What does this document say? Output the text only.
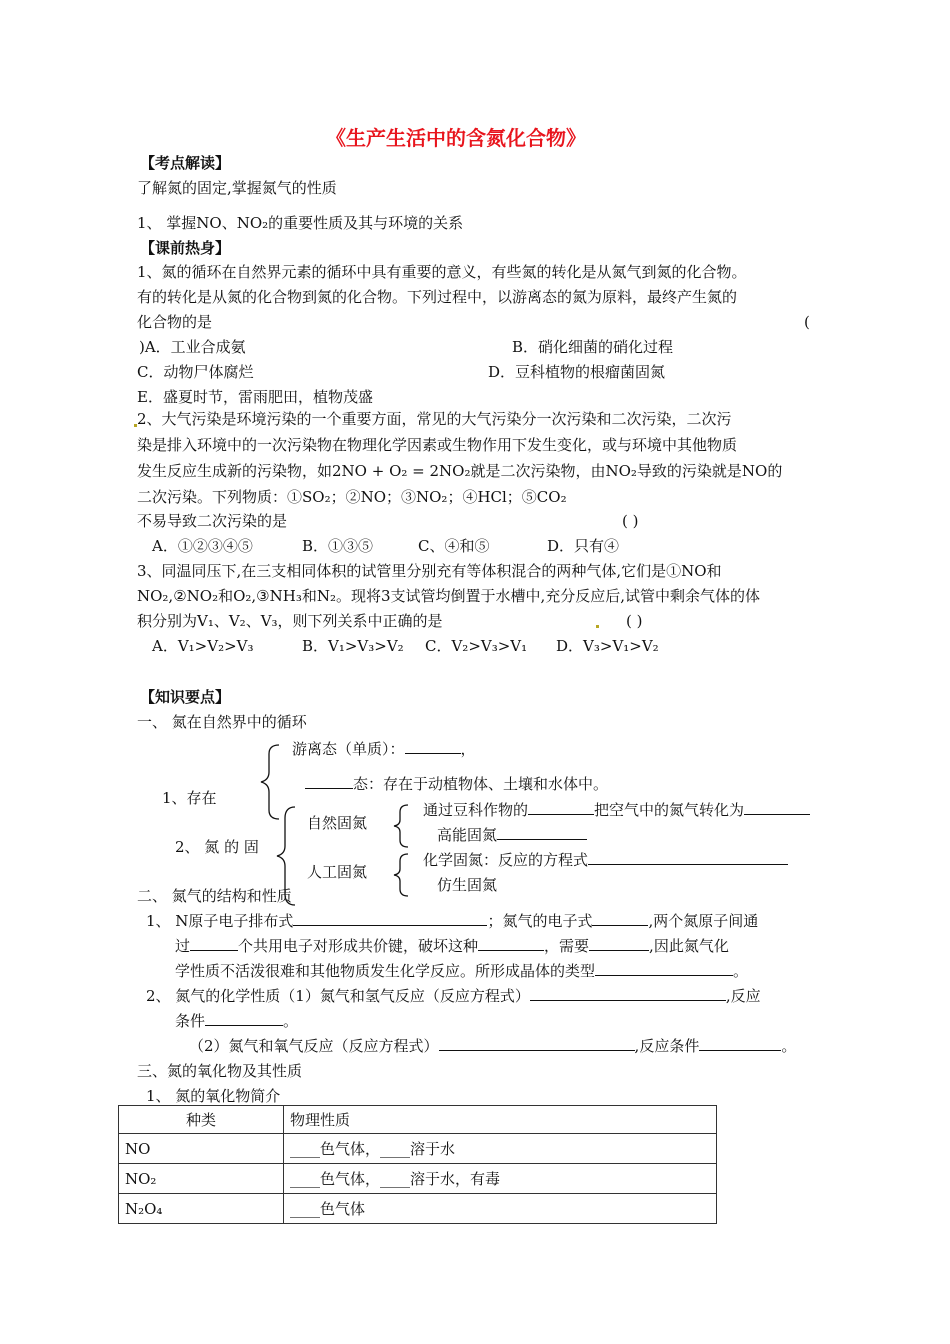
《生产生活中的含氮化合物》
【考点解读】
了解氮的固定,掌握氮气的性质
1、 掌握NO、NO₂的重要性质及其与环境的关系
【课前热身】
1、氮的循环在自然界元素的循环中具有重要的意义，有些氮的转化是从氮气到氮的化合物。
有的转化是从氮的化合物到氮的化合物。下列过程中，以游离态的氮为原料，最终产生氮的
化合物的是	(
)A．工业合成氨	B．硝化细菌的硝化过程
C．动物尸体腐烂	D．豆科植物的根瘤菌固氮
E．盛夏时节，雷雨肥田，植物茂盛
2、大气污染是环境污染的一个重要方面，常见的大气污染分一次污染和二次污染，二次污
染是排入环境中的一次污染物在物理化学因素或生物作用下发生变化，或与环境中其他物质
发生反应生成新的污染物，如2NO + O₂ = 2NO₂就是二次污染物，由NO₂导致的污染就是NO的
二次污染。下列物质：①SO₂；②NO；③NO₂；④HCl；⑤CO₂
不易导致二次污染的是	( )
A．①②③④⑤	B．①③⑤	C、④和⑤	D．只有④
3、同温同压下,在三支相同体积的试管里分别充有等体积混合的两种气体,它们是①NO和
NO₂,②NO₂和O₂,③NH₃和N₂。现将3支试管均倒置于水槽中,充分反应后,试管中剩余气体的体
积分别为V₁、V₂、V₃，则下列关系中正确的是	( )
A．V₁>V₂>V₃	B．V₁>V₃>V₂ C．V₂>V₃>V₁ D．V₃>V₁>V₂
【知识要点】
一、 氮在自然界中的循环
1、存在
游离态（单质）：	，
态：存在于动植物体、土壤和水体中。
2、 氮 的 固
自然固氮
人工固氮
通过豆科作物的	把空气中的氮气转化为
高能固氮
化学固氮：反应的方程式
仿生固氮
二、 氮气的结构和性质
1、 N原子电子排布式	；氮气的电子式	,两个氮原子间通
过	个共用电子对形成共价键，破坏这种	，需要	,因此氮气化
学性质不活泼很难和其他物质发生化学反应。所形成晶体的类型	。
2、 氮气的化学性质（1）氮气和氢气反应（反应方程式）	,反应
条件	。
（2）氮气和氧气反应（反应方程式）	,反应条件	。
三、氮的氧化物及其性质
1、 氮的氧化物简介
种类	物理性质
NO	____色气体，____溶于水
NO₂	____色气体，____溶于水，有毒
N₂O₄	____色气体
